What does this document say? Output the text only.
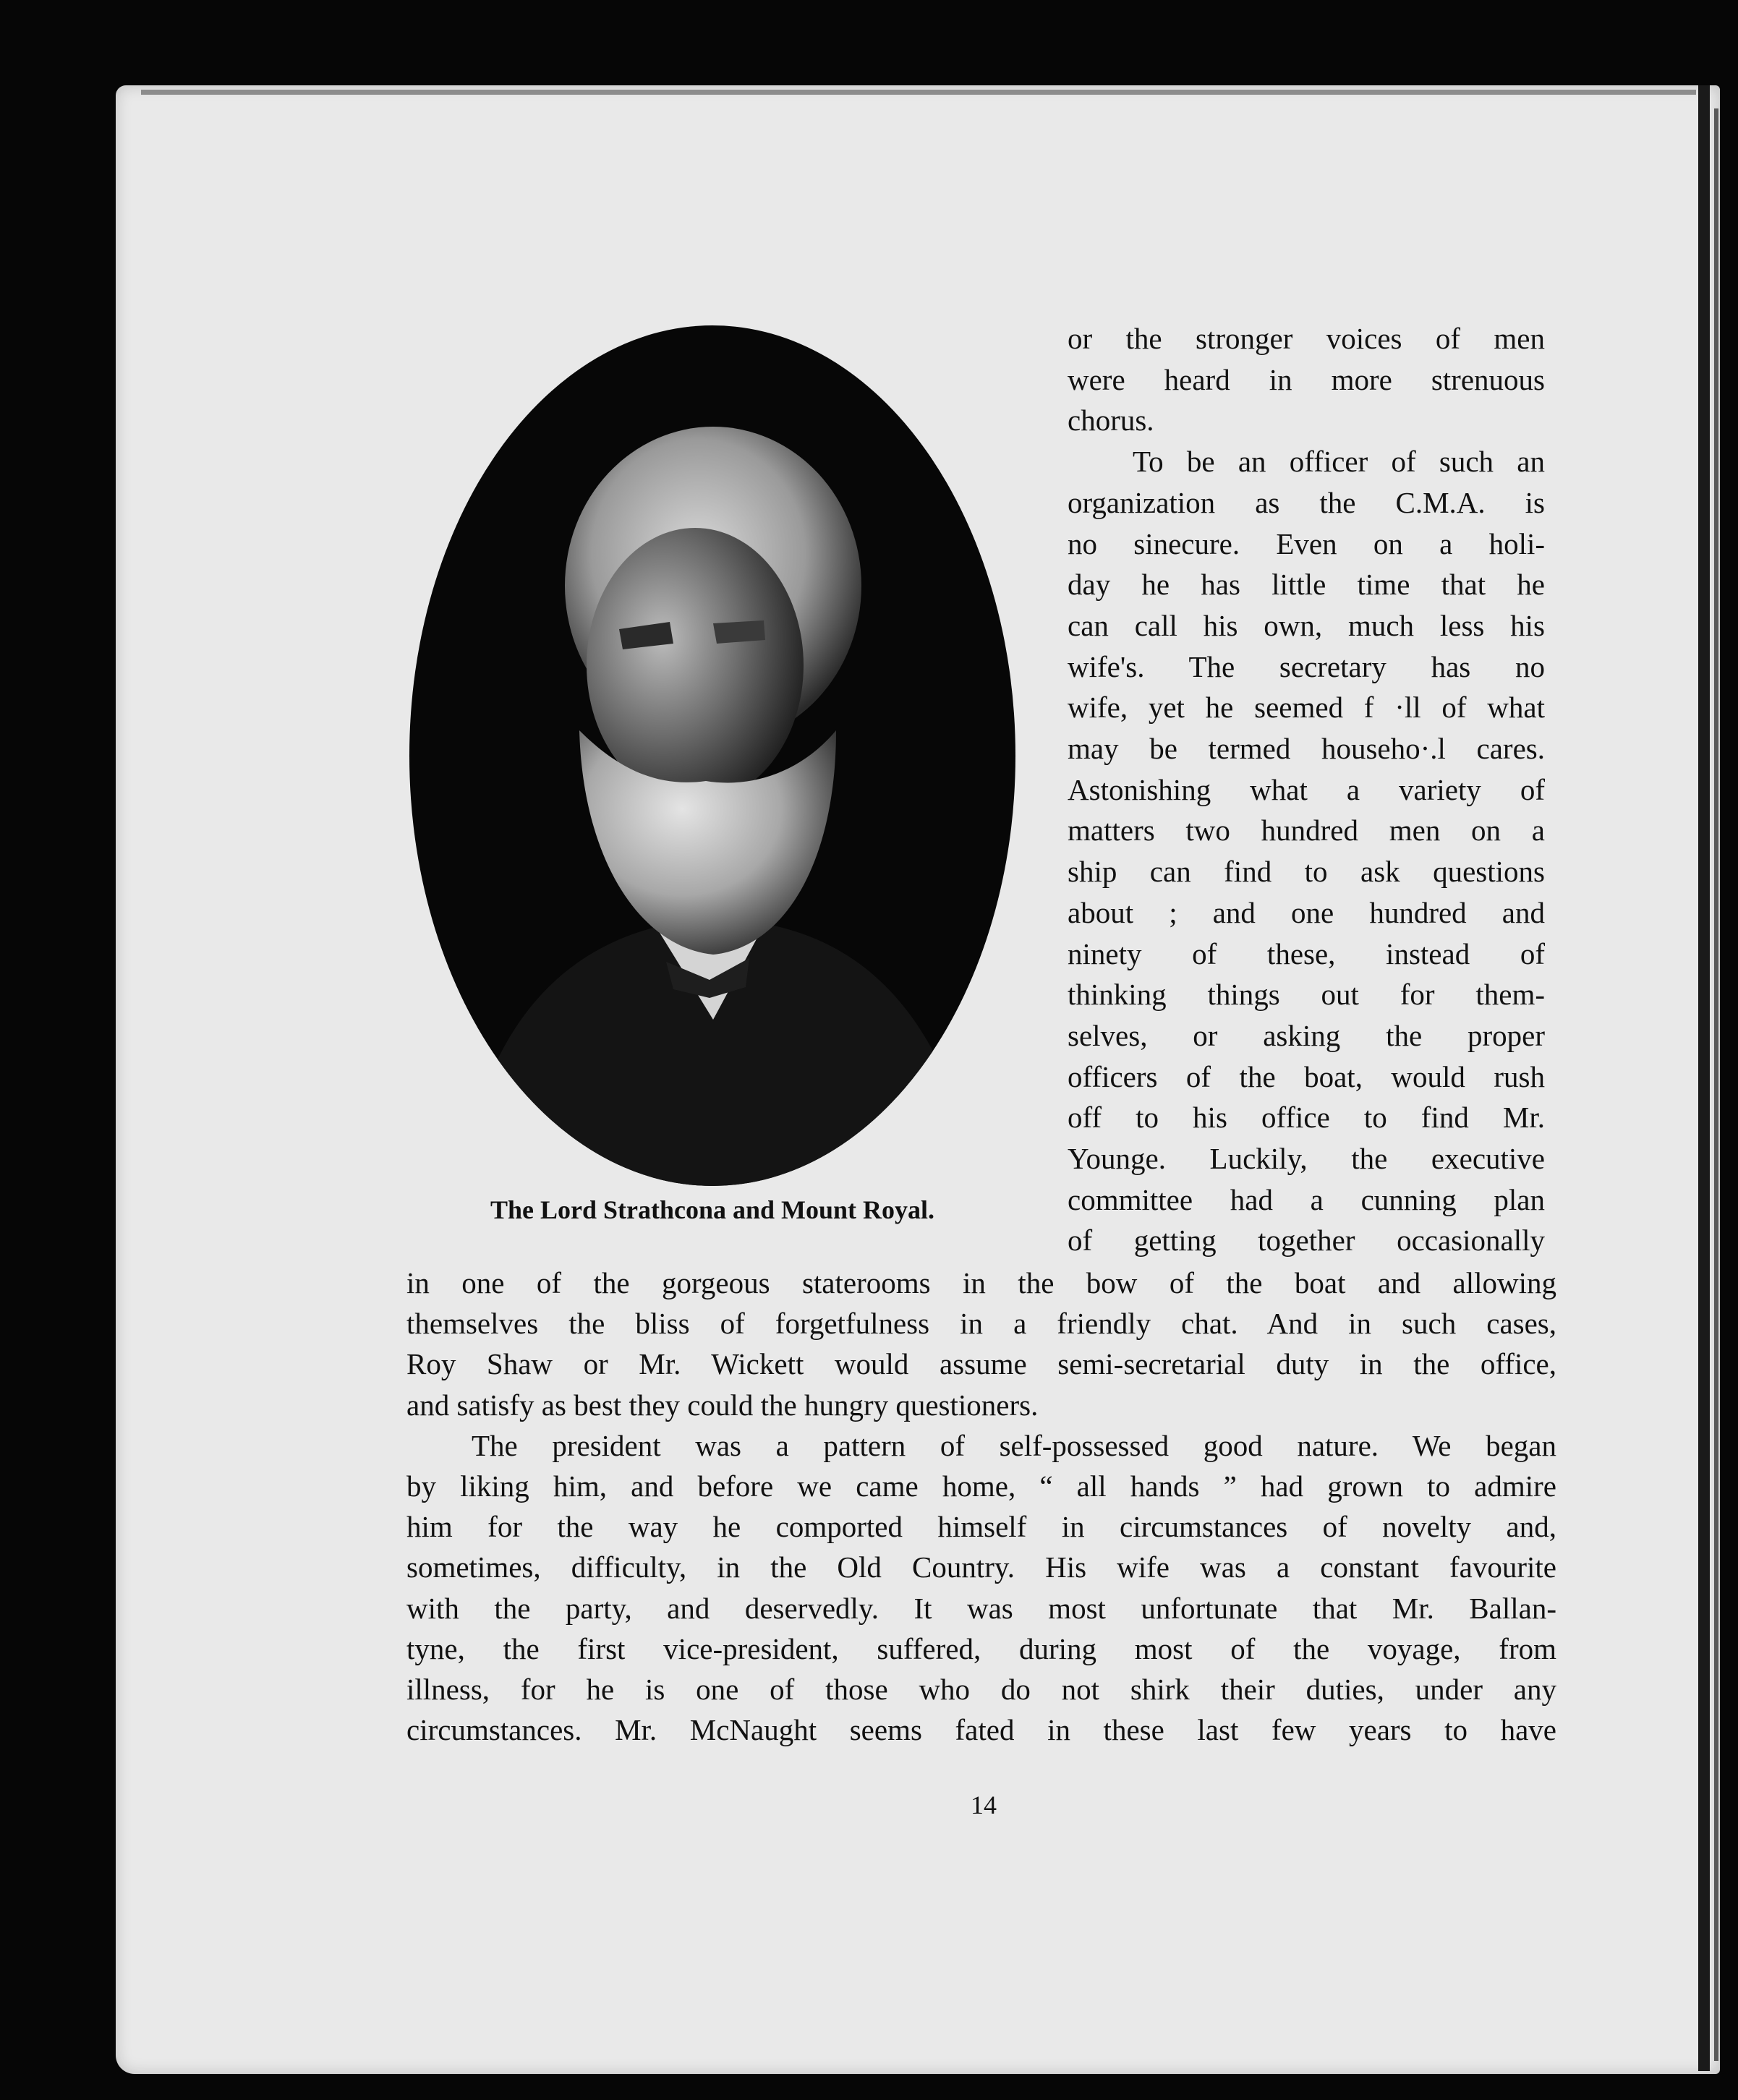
The Lord Strathcona and Mount Royal.
or the stronger voices of men
were heard in more strenuous
chorus.
To be an officer of such an
organization as the C.M.A. is
no sinecure. Even on a holi-
day he has little time that he
can call his own, much less his
wife's. The secretary has no
wife, yet he seemed f ·ll of what
may be termed househo·.l cares.
Astonishing what a variety of
matters two hundred men on a
ship can find to ask questions
about ; and one hundred and
ninety of these, instead of
thinking things out for them-
selves, or asking the proper
officers of the boat, would rush
off to his office to find Mr.
Younge. Luckily, the executive
committee had a cunning plan
of getting together occasionally
in one of the gorgeous staterooms in the bow of the boat and allowing
themselves the bliss of forgetfulness in a friendly chat. And in such cases,
Roy Shaw or Mr. Wickett would assume semi-secretarial duty in the office,
and satisfy as best they could the hungry questioners.
The president was a pattern of self-possessed good nature. We began
by liking him, and before we came home, “ all hands ” had grown to admire
him for the way he comported himself in circumstances of novelty and,
sometimes, difficulty, in the Old Country. His wife was a constant favourite
with the party, and deservedly. It was most unfortunate that Mr. Ballan-
tyne, the first vice-president, suffered, during most of the voyage, from
illness, for he is one of those who do not shirk their duties, under any
circumstances. Mr. McNaught seems fated in these last few years to have
14
